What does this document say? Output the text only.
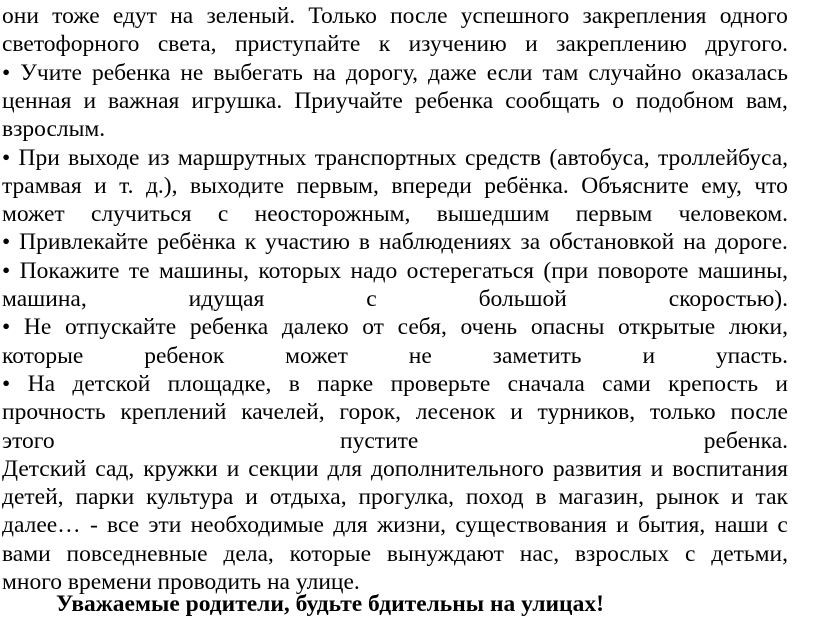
они тоже едут на зеленый. Только после успешного закрепления одного
светофорного света, приступайте к изучению и закреплению другого.
• Учите ребенка не выбегать на дорогу, даже если там случайно оказалась
ценная и важная игрушка. Приучайте ребенка сообщать о подобном вам,
взрослым.
• При выходе из маршрутных транспортных средств (автобуса, троллейбуса,
трамвая и т. д.), выходите первым, впереди ребёнка. Объясните ему, что
может случиться с неосторожным, вышедшим первым человеком.
• Привлекайте ребёнка к участию в наблюдениях за обстановкой на дороге.
• Покажите те машины, которых надо остерегаться (при повороте машины,
машина,	идущая	с	большой	скоростью).
• Не отпускайте ребенка далеко от себя, очень опасны открытые люки,
которые	ребенок	может	не	заметить	и	упасть.
• На детской площадке, в парке проверьте сначала сами крепость и
прочность креплений качелей, горок, лесенок и турников, только после
этого	пустите	ребенка.
Детский сад, кружки и секции для дополнительного развития и воспитания
детей, парки культура и отдыха, прогулка, поход в магазин, рынок и так
далее… - все эти необходимые для жизни, существования и бытия, наши с
вами повседневные дела, которые вынуждают нас, взрослых с детьми,
много времени проводить на улице.
Уважаемые родители, будьте бдительны на улицах!
